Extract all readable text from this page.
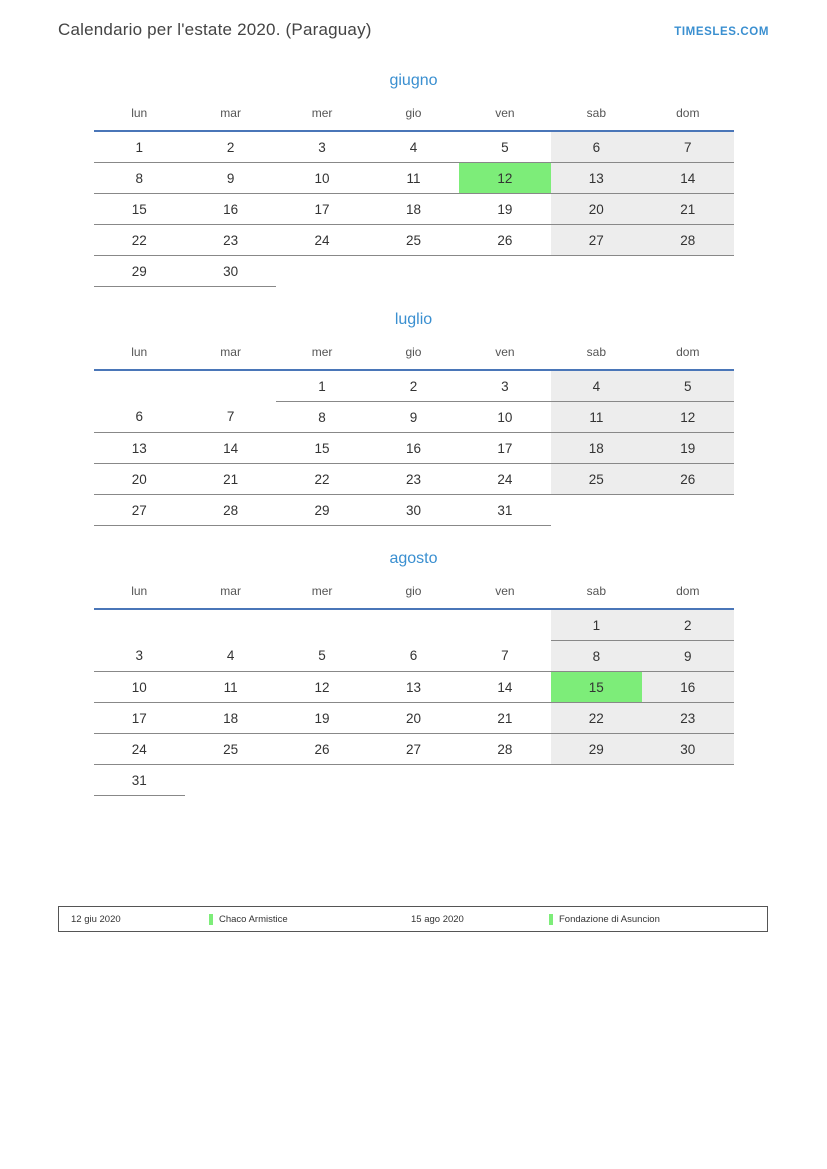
Calendario per l'estate 2020. (Paraguay)	TIMESLES.COM
giugno
lun	mar	mer	gio	ven	sab	dom
1	2	3	4	5	6	7
8	9	10	11	12	13	14
15	16	17	18	19	20	21
22	23	24	25	26	27	28
29	30					
luglio
lun	mar	mer	gio	ven	sab	dom
		1	2	3	4	5
6	7	8	9	10	11	12
13	14	15	16	17	18	19
20	21	22	23	24	25	26
27	28	29	30	31		
agosto
lun	mar	mer	gio	ven	sab	dom
					1	2
3	4	5	6	7	8	9
10	11	12	13	14	15	16
17	18	19	20	21	22	23
24	25	26	27	28	29	30
31						
12 giu 2020	Chaco Armistice	15 ago 2020	Fondazione di Asuncion
